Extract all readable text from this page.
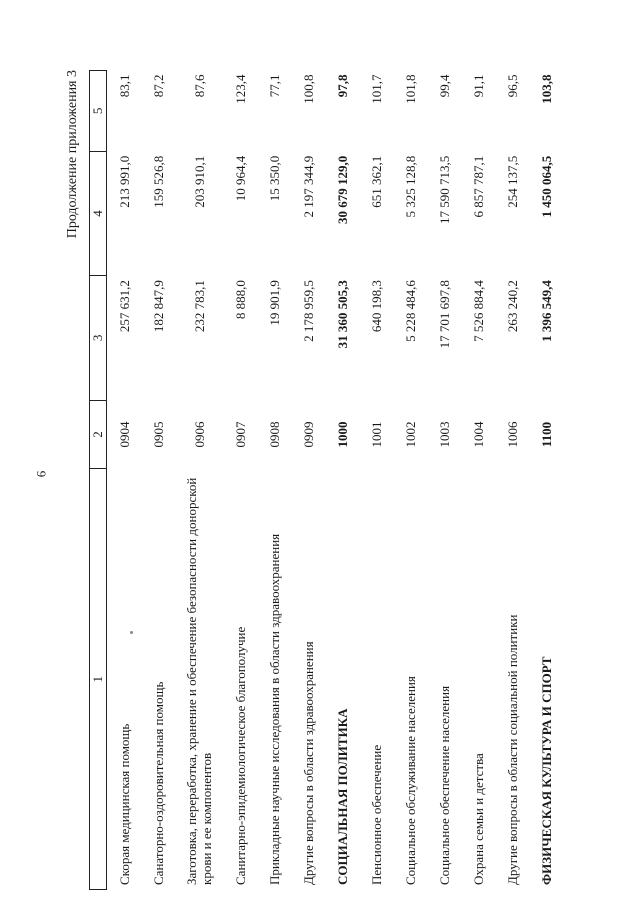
6
Продолжение приложения 3
1	2	3	4	5
Скорая медицинская помощь	0904	257 631,2	213 991,0	83,1
Санаторно-оздоровительная помощь	0905	182 847,9	159 526,8	87,2
Заготовка, переработка, хранение и обеспечение безопасности донорской крови и ее компонентов	0906	232 783,1	203 910,1	87,6
Санитарно-эпидемиологическое благополучие	0907	8 888,0	10 964,4	123,4
Прикладные научные исследования в области здравоохранения	0908	19 901,9	15 350,0	77,1
Другие вопросы в области здравоохранения	0909	2 178 959,5	2 197 344,9	100,8
СОЦИАЛЬНАЯ ПОЛИТИКА	1000	31 360 505,3	30 679 129,0	97,8
Пенсионное обеспечение	1001	640 198,3	651 362,1	101,7
Социальное обслуживание населения	1002	5 228 484,6	5 325 128,8	101,8
Социальное обеспечение населения	1003	17 701 697,8	17 590 713,5	99,4
Охрана семьи и детства	1004	7 526 884,4	6 857 787,1	91,1
Другие вопросы в области социальной политики	1006	263 240,2	254 137,5	96,5
ФИЗИЧЕСКАЯ КУЛЬТУРА И СПОРТ	1100	1 396 549,4	1 450 064,5	103,8
